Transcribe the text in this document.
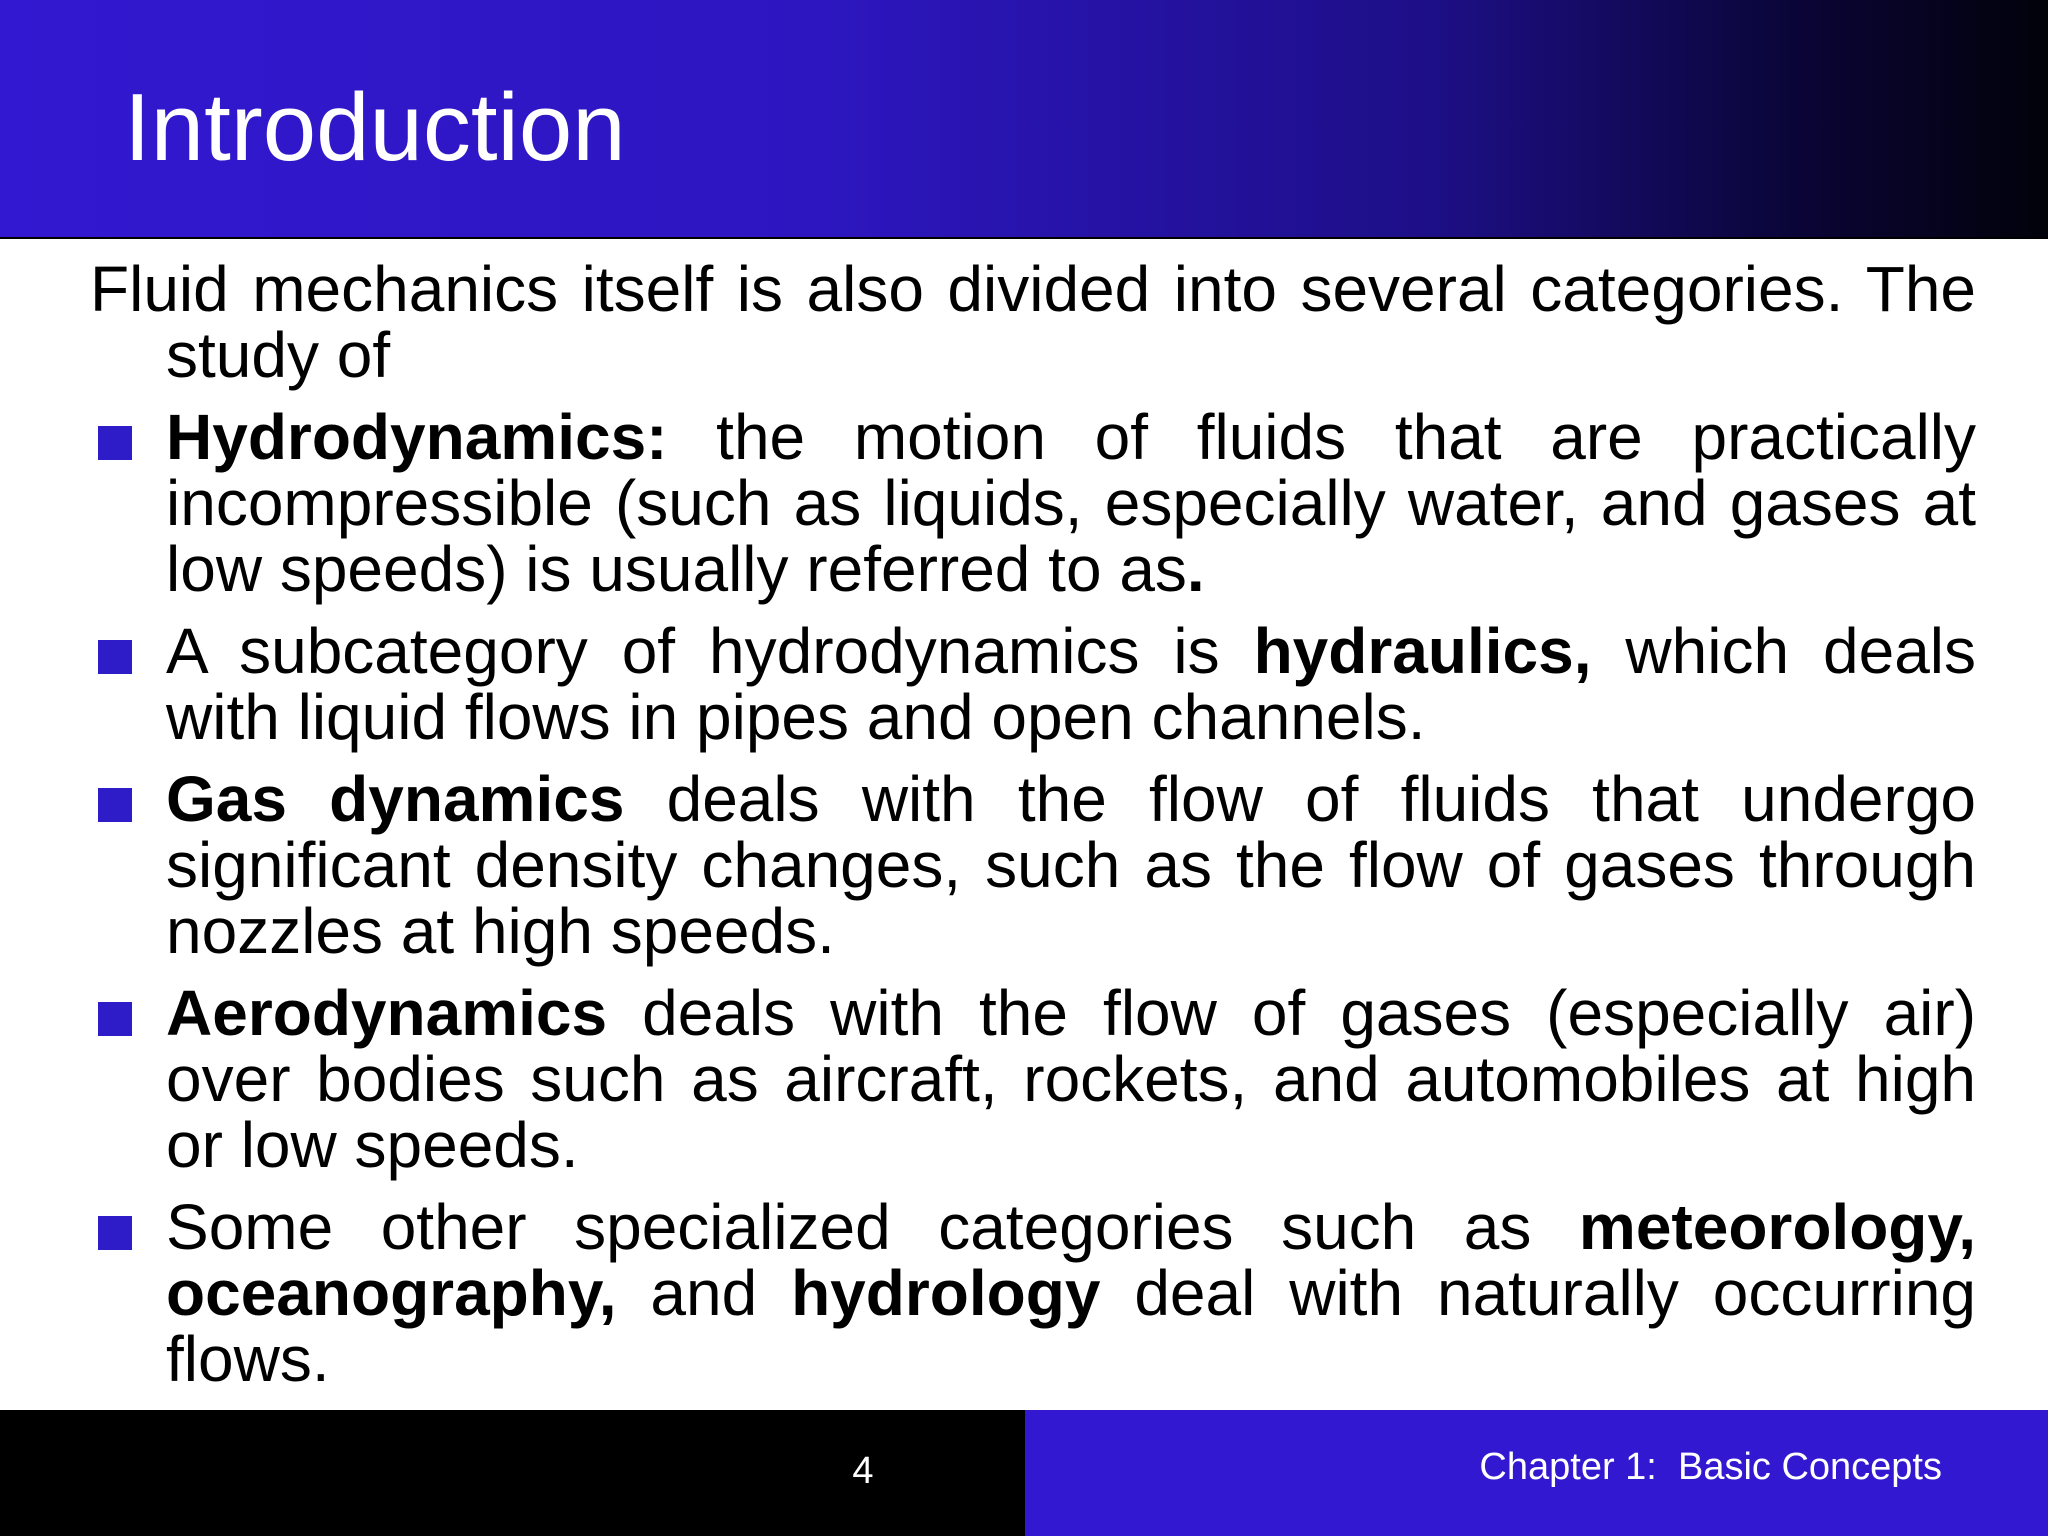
Introduction

Fluid mechanics itself is also divided into several categories. The study of

Hydrodynamics: the motion of fluids that are practically incompressible (such as liquids, especially water, and gases at low speeds) is usually referred to as.
A subcategory of hydrodynamics is hydraulics, which deals with liquid flows in pipes and open channels.
Gas dynamics deals with the flow of fluids that undergo significant density changes, such as the flow of gases through nozzles at high speeds.
Aerodynamics deals with the flow of gases (especially air) over bodies such as aircraft, rockets, and automobiles at high or low speeds.
Some other specialized categories such as meteorology, oceanography, and hydrology deal with naturally occurring flows.
4	Chapter 1:  Basic Concepts
